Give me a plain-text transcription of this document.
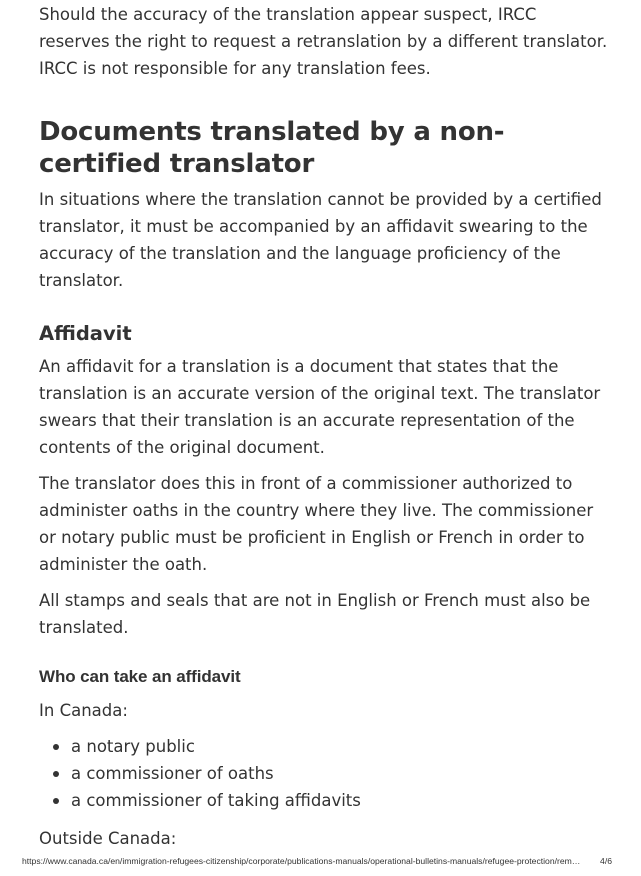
Should the accuracy of the translation appear suspect, IRCC reserves the right to request a retranslation by a different translator. IRCC is not responsible for any translation fees.

Documents translated by a non-certified translator

In situations where the translation cannot be provided by a certified translator, it must be accompanied by an affidavit swearing to the accuracy of the translation and the language proficiency of the translator.

Affidavit

An affidavit for a translation is a document that states that the translation is an accurate version of the original text. The translator swears that their translation is an accurate representation of the contents of the original document.

The translator does this in front of a commissioner authorized to administer oaths in the country where they live. The commissioner or notary public must be proficient in English or French in order to administer the oath.

All stamps and seals that are not in English or French must also be translated.

Who can take an affidavit

In Canada:

a notary public
a commissioner of oaths
a commissioner of taking affidavits

Outside Canada:

https://www.canada.ca/en/immigration-refugees-citizenship/corporate/publications-manuals/operational-bulletins-manuals/refugee-protection/rem… 4/6
